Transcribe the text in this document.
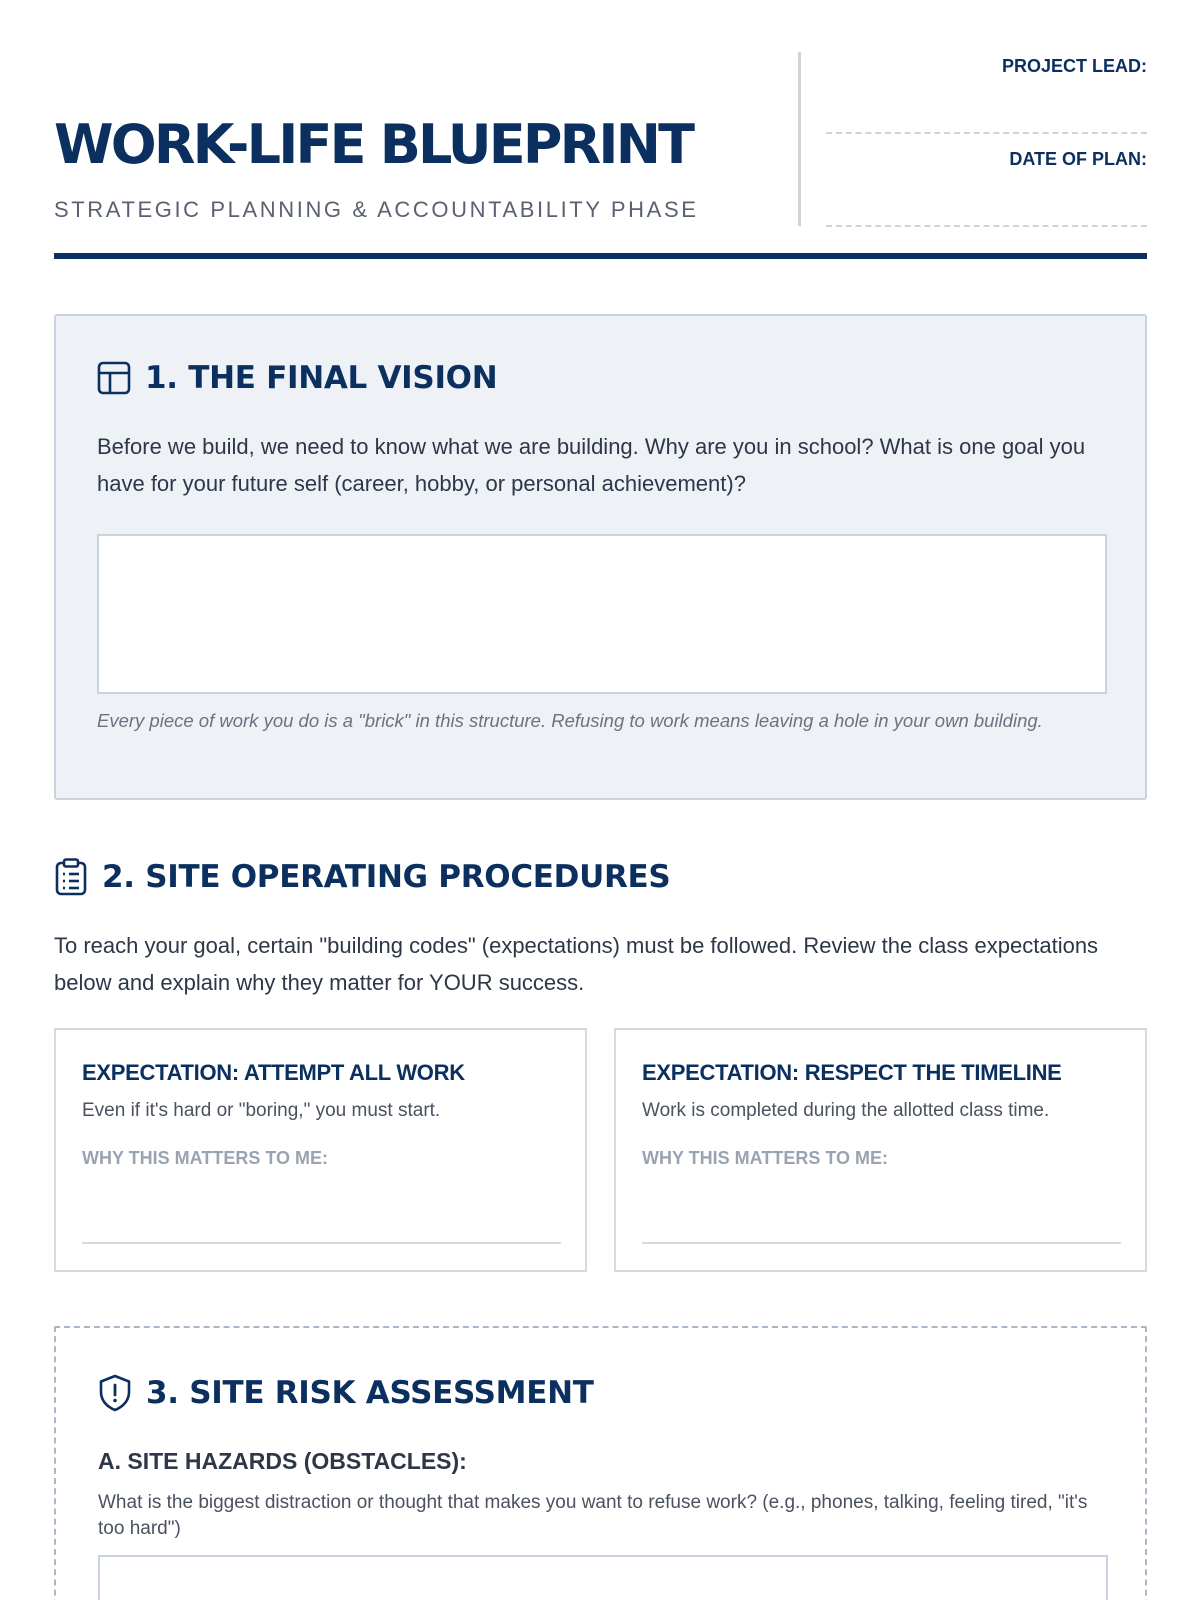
WORK-LIFE BLUEPRINT
STRATEGIC PLANNING & ACCOUNTABILITY PHASE
PROJECT LEAD:
DATE OF PLAN:
1. THE FINAL VISION
Before we build, we need to know what we are building. Why are you in school? What is one goal you have for your future self (career, hobby, or personal achievement)?
Every piece of work you do is a "brick" in this structure. Refusing to work means leaving a hole in your own building.
2. SITE OPERATING PROCEDURES
To reach your goal, certain "building codes" (expectations) must be followed. Review the class expectations below and explain why they matter for YOUR success.
EXPECTATION: ATTEMPT ALL WORK
Even if it's hard or "boring," you must start.
WHY THIS MATTERS TO ME:
EXPECTATION: RESPECT THE TIMELINE
Work is completed during the allotted class time.
WHY THIS MATTERS TO ME:
3. SITE RISK ASSESSMENT
A. SITE HAZARDS (OBSTACLES):
What is the biggest distraction or thought that makes you want to refuse work? (e.g., phones, talking, feeling tired, "it's too hard")
